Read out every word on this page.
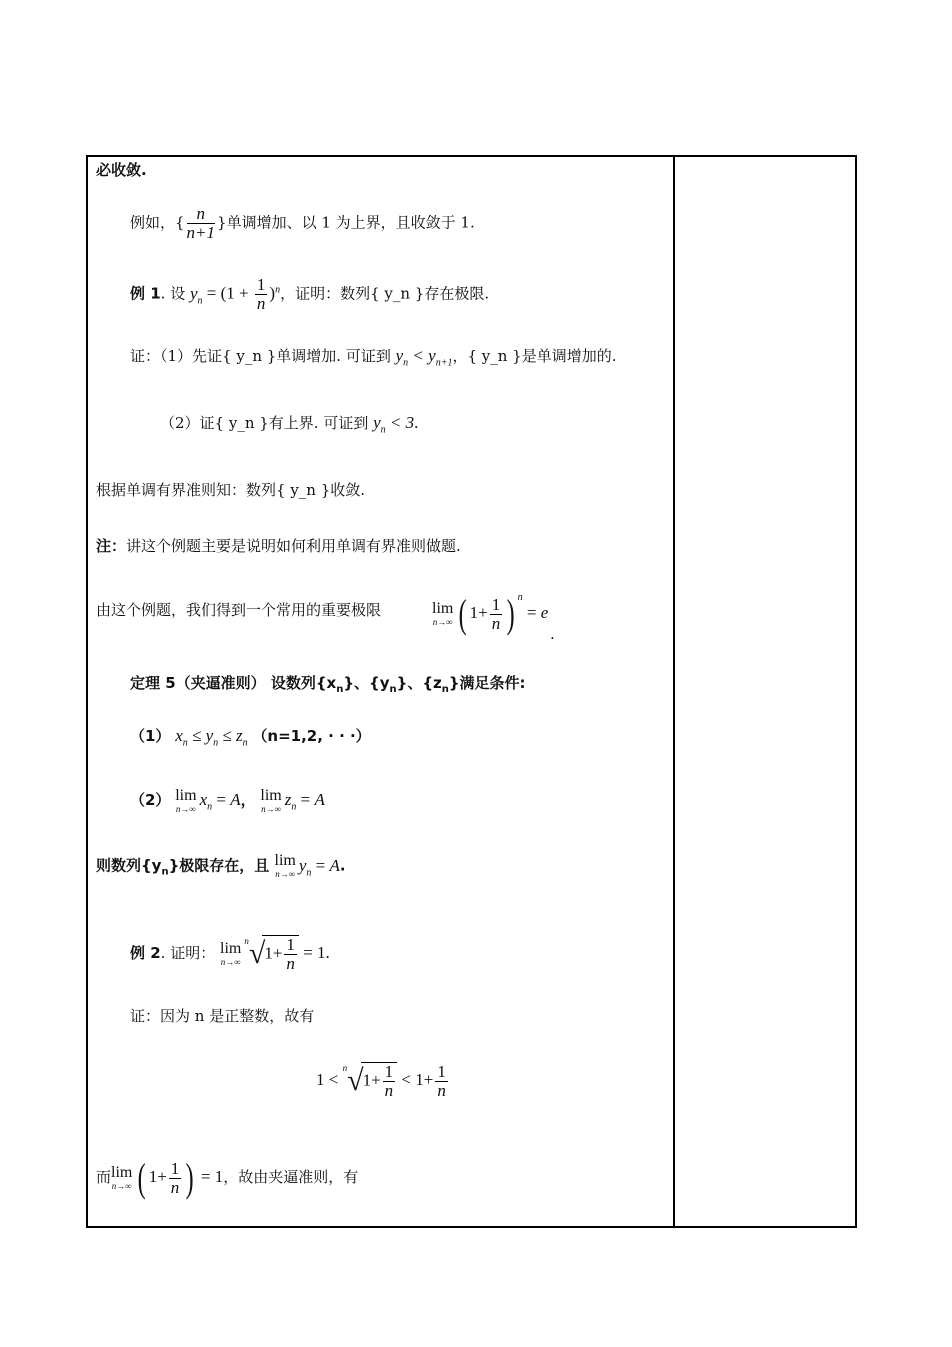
必收敛.
例如，{ $\frac{n}{n+1}$ }单调增加、以 1 为上界，且收敛于 1.
例 1. 设 $y_n = (1 + \frac{1}{n} )^n$，证明：数列{ y_n }存在极限.
证：（1）先证{ y_n }单调增加. 可证到 $y_n < y_{n+1}$，{ y_n }是单调增加的.
（2）证{ y_n }有上界. 可证到 $y_n < 3$.
根据单调有界准则知：数列{ y_n }收敛.
注：讲这个例题主要是说明如何利用单调有界准则做题.
由这个例题，我们得到一个常用的重要极限	lim
n→∞ ( $1+ \frac{1}{n}$ ) $^n$ = e
.
定理 5（夹逼准则） 设数列$\{x_n\}$、$\{y_n\}$、$\{z_n\}$满足条件:
（1） $x_n \le y_n \le z_n$ （n=1,2, · · ·）
（2） lim
n→∞ $x_n = A$， lim
n→∞ $z_n = A$
则数列$\{y_n\}$极限存在，且 lim
n→∞ $y_n = A$.
例 2. 证明： lim
n→∞
$^n√1+ \frac{1}{n} = 1$.
证：因为 n 是正整数，故有
$1 < ^n√1+ \frac{1}{n} < 1+ \frac{1}{n}$
而 lim
n→∞ ( $1+ \frac{1}{n}$ ) = 1，故由夹逼准则，有
